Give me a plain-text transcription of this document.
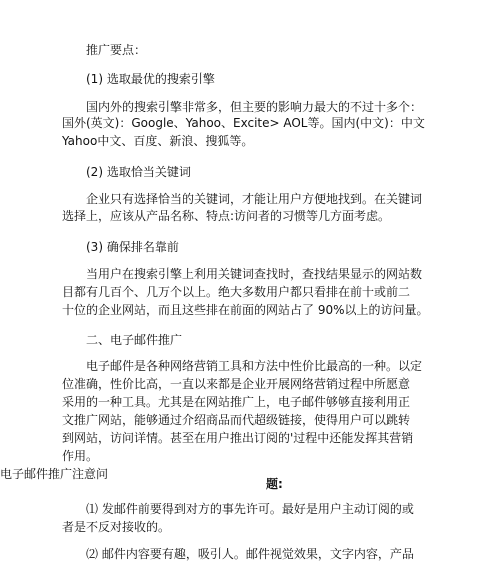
推广要点：
(1) 选取最优的搜索引擎
国内外的搜索引擎非常多，但主要的影响力最大的不过十多个：
国外(英文)：Google、Yahoo、Excite> AOL等。国内(中文)：中文
Yahoo中文、百度、新浪、搜狐等。
(2) 选取恰当关键词
企业只有选择恰当的关键词，才能让用户方便地找到。在关键词
选择上，应该从产品名称、特点:访问者的习惯等几方面考虑。
(3) 确保排名靠前
当用户在搜索引擎上利用关键词查找时，查找结果显示的网站数
目都有几百个、几万个以上。绝大多数用户都只看排在前十或前二
十位的企业网站，而且这些排在前面的网站占了 90%以上的访问量。
二、电子邮件推广
电子邮件是各种网络营销工具和方法中性价比最高的一种。以定
位准确，性价比高，一直以来都是企业开展网络营销过程中所愿意
采用的一种工具。尤其是在网站推广上，电子邮件够够直接利用正
文推广网站，能够通过介绍商品而代超级链接，使得用户可以跳转
到网站，访问详情。甚至在用户推出订阅的'过程中还能发挥其营销
作用。
电子邮件推广注意问
题:
⑴ 发邮件前要得到对方的事先许可。最好是用户主动订阅的或
者是不反对接收的。
⑵ 邮件内容要有趣，吸引人。邮件视觉效果，文字内容，产品
